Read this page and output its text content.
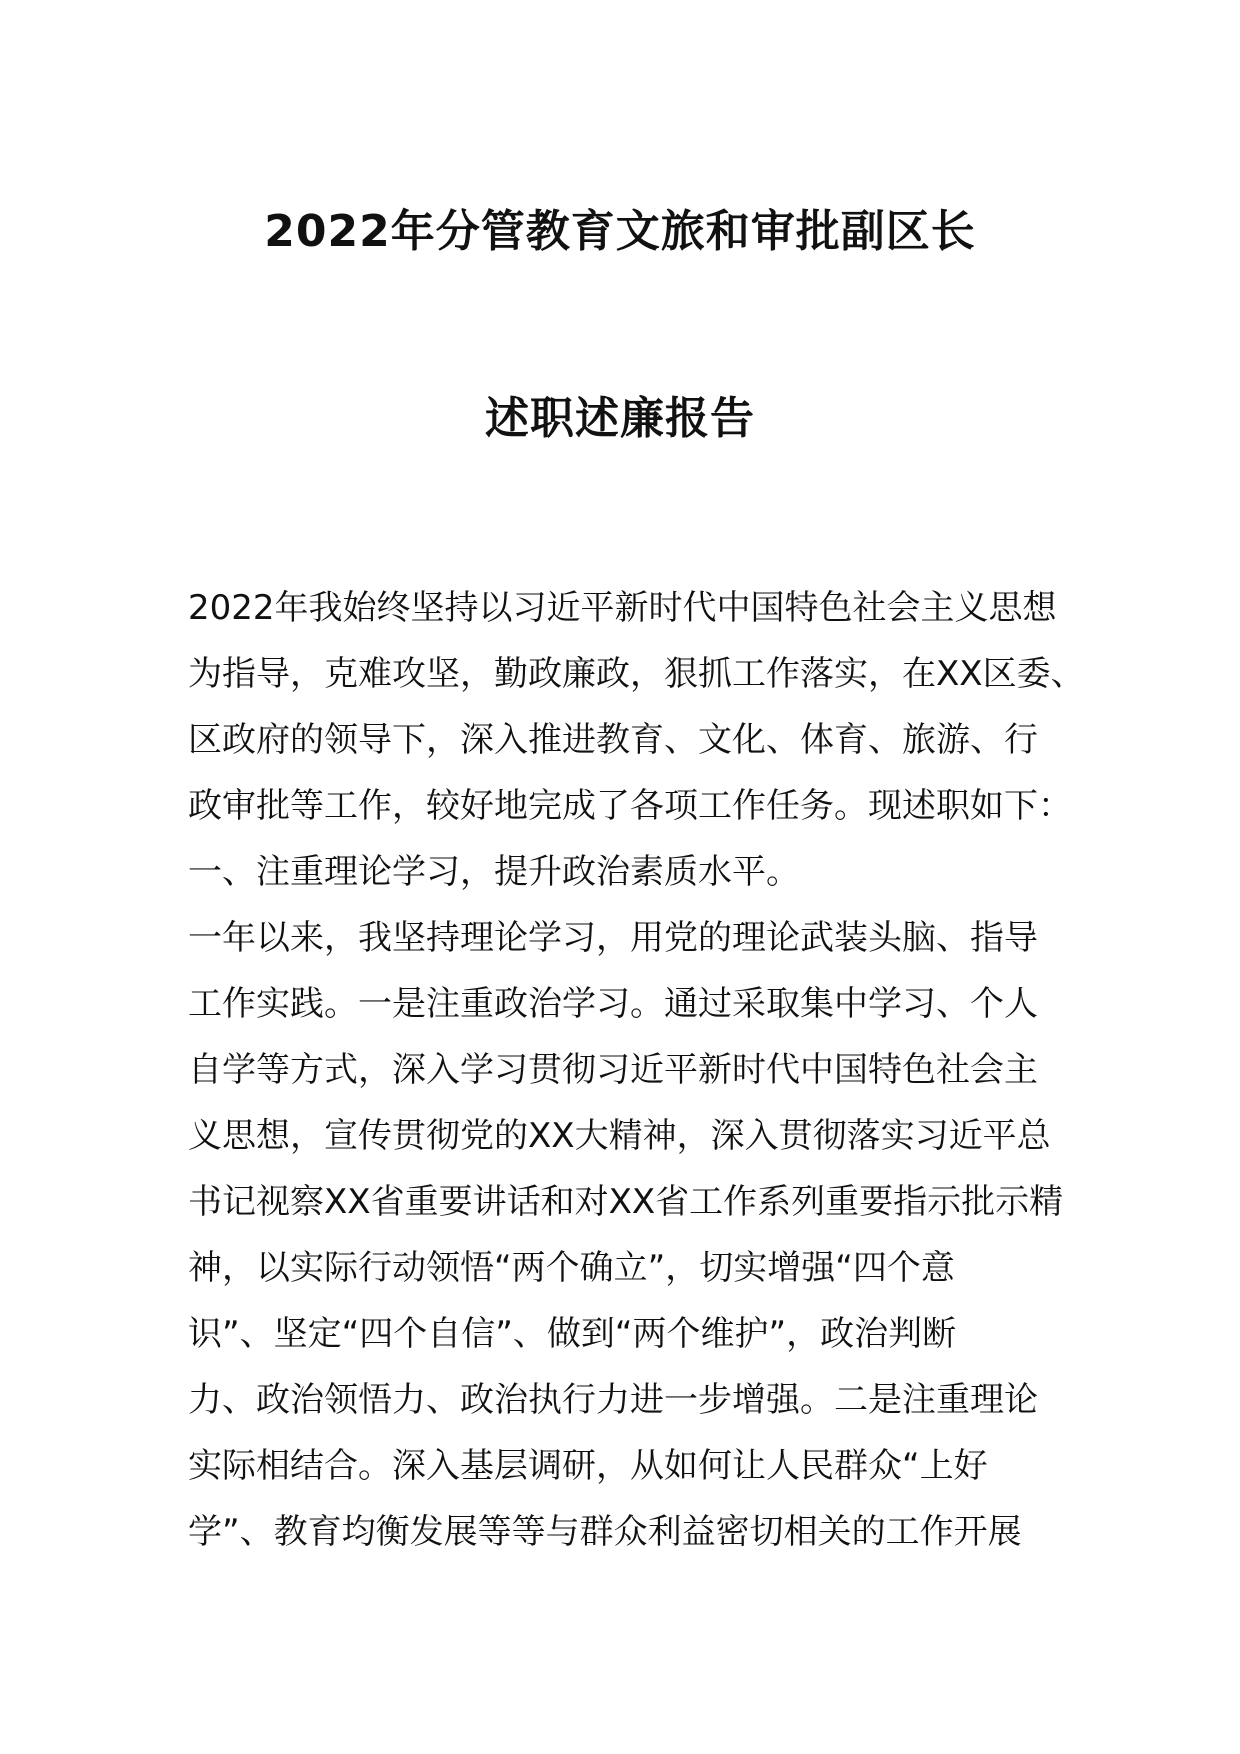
2022年分管教育文旅和审批副区长
述职述廉报告
2022年我始终坚持以习近平新时代中国特色社会主义思想
为指导，克难攻坚，勤政廉政，狠抓工作落实，在XX区委、
区政府的领导下，深入推进教育、文化、体育、旅游、行
政审批等工作，较好地完成了各项工作任务。现述职如下：
一、注重理论学习，提升政治素质水平。
一年以来，我坚持理论学习，用党的理论武装头脑、指导
工作实践。一是注重政治学习。通过采取集中学习、个人
自学等方式，深入学习贯彻习近平新时代中国特色社会主
义思想，宣传贯彻党的XX大精神，深入贯彻落实习近平总
书记视察XX省重要讲话和对XX省工作系列重要指示批示精
神，以实际行动领悟“两个确立”，切实增强“四个意
识”、坚定“四个自信”、做到“两个维护”，政治判断
力、政治领悟力、政治执行力进一步增强。二是注重理论
实际相结合。深入基层调研，从如何让人民群众“上好
学”、教育均衡发展等等与群众利益密切相关的工作开展
